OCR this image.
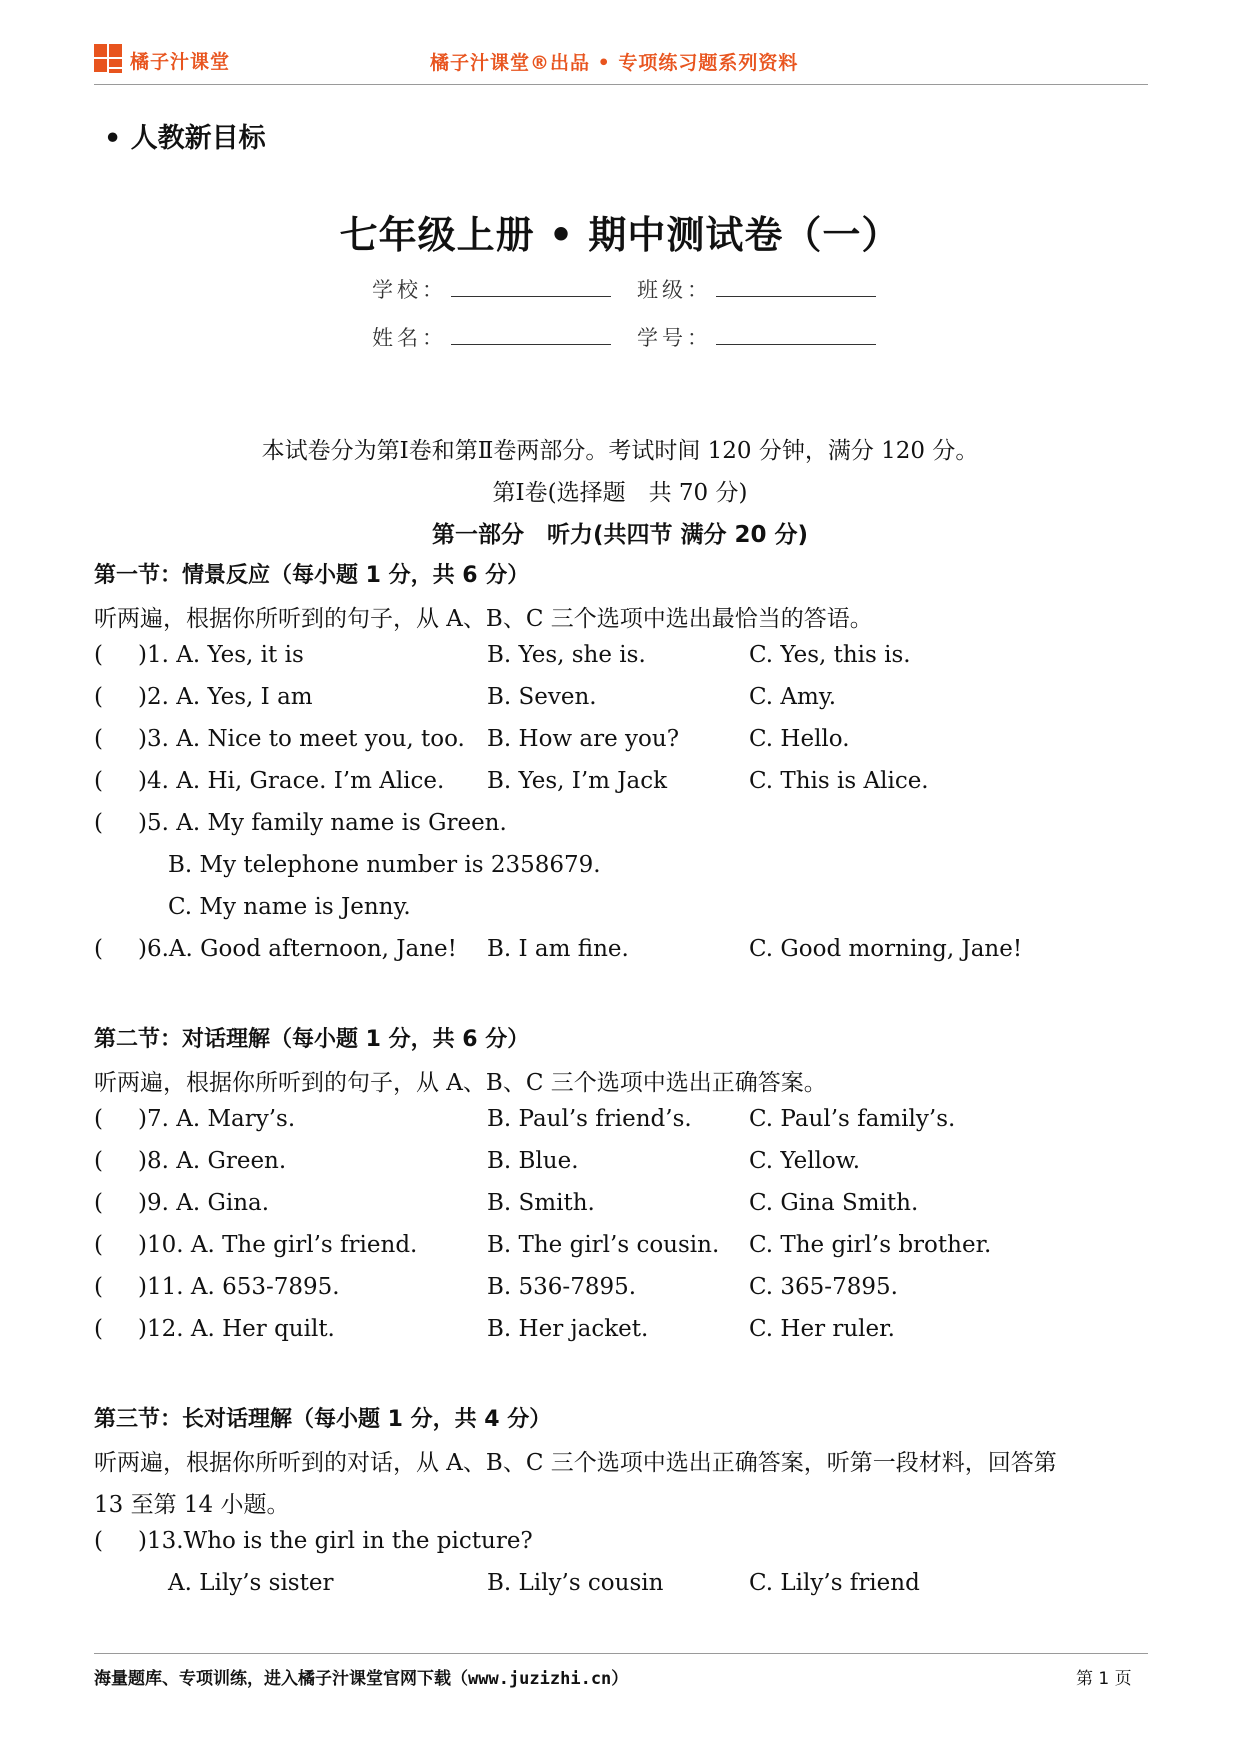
橘子汁课堂	橘子汁课堂®出品 • 专项练习题系列资料
• 人教新目标
七年级上册 • 期中测试卷（一）
学校：	班级：
姓名：	学号：
本试卷分为第Ⅰ卷和第Ⅱ卷两部分。考试时间 120 分钟，满分 120 分。
第Ⅰ卷(选择题　共 70 分)
第一部分　听力(共四节 满分 20 分)
第一节：情景反应（每小题 1 分，共 6 分）
听两遍，根据你所听到的句子，从 A、B、C 三个选项中选出最恰当的答语。
( )1. A. Yes, it is	B. Yes, she is.	C. Yes, this is.
( )2. A. Yes, I am	B. Seven.	C. Amy.
( )3. A. Nice to meet you, too. B. How are you?	C. Hello.
( )4. A. Hi, Grace. I’m Alice. B. Yes, I’m Jack	C. This is Alice.
( )5. A. My family name is Green.
B. My telephone number is 2358679.
C. My name is Jenny.
( )6.A. Good afternoon, Jane! B. I am fine.	C. Good morning, Jane!
第二节：对话理解（每小题 1 分，共 6 分）
听两遍，根据你所听到的句子，从 A、B、C 三个选项中选出正确答案。
( )7. A. Mary’s.	B. Paul’s friend’s. C. Paul’s family’s.
( )8. A. Green.	B. Blue.	C. Yellow.
( )9. A. Gina.	B. Smith.	C. Gina Smith.
( )10. A. The girl’s friend.	B. The girl’s cousin. C. The girl’s brother.
( )11. A. 653-7895.	B. 536-7895.	C. 365-7895.
( )12. A. Her quilt.	B. Her jacket.	C. Her ruler.
第三节：长对话理解（每小题 1 分，共 4 分）
听两遍，根据你所听到的对话，从 A、B、C 三个选项中选出正确答案，听第一段材料，回答第
13 至第 14 小题。
( )13.Who is the girl in the picture?
A. Lily’s sister	B. Lily’s cousin	C. Lily’s friend
海量题库、专项训练，进入橘子汁课堂官网下载（www.juzizhi.cn）	第 1 页
